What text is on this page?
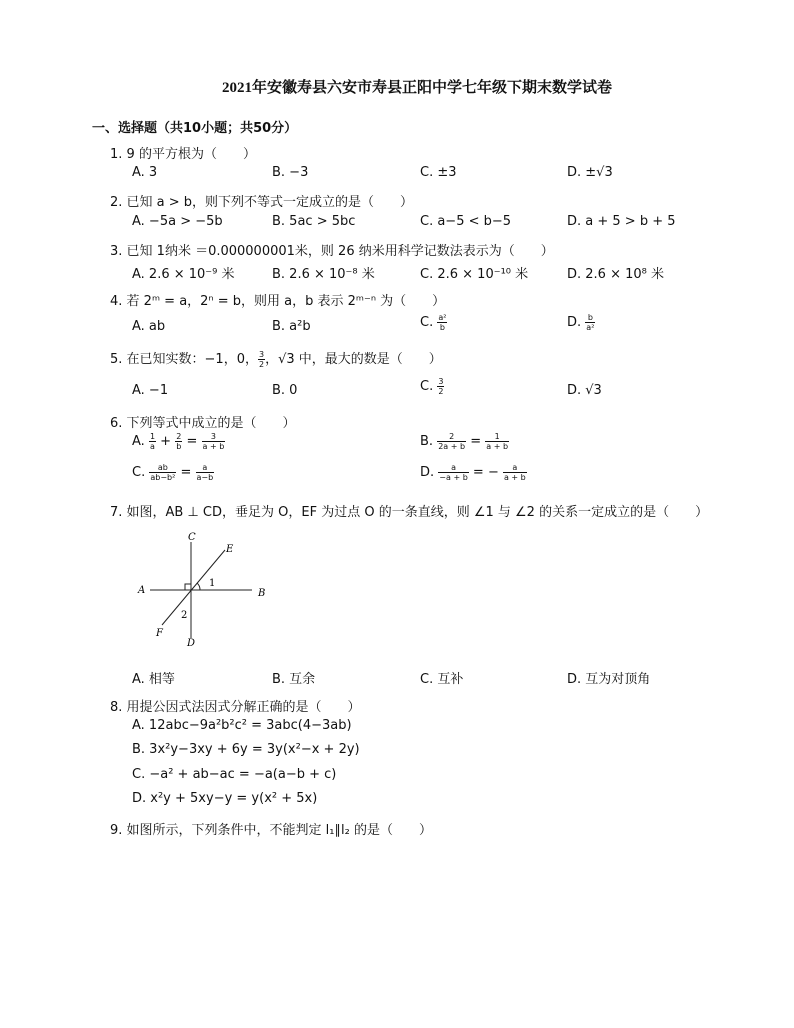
2021年安徽寿县六安市寿县正阳中学七年级下期末数学试卷
一、选择题（共10小题；共50分）
1. 9 的平方根为（　　）
A. 3	B. −3	C. ±3	D. ±√3
2. 已知 a > b，则下列不等式一定成立的是（　　）
A. −5a > −5b	B. 5ac > 5bc	C. a−5 < b−5	D. a + 5 > b + 5
3. 已知 1纳米 ＝0.000000001米，则 26 纳米用科学记数法表示为（　　）
A. 2.6 × 10⁻⁹ 米	B. 2.6 × 10⁻⁸ 米	C. 2.6 × 10⁻¹⁰ 米	D. 2.6 × 10⁸ 米
4. 若 2ᵐ = a，2ⁿ = b，则用 a，b 表示 2ᵐ⁻ⁿ 为（　　）
A. ab	B. a²b	C. $\frac{\text{a²}}{b}$	D. $\frac{b}{\text{a²}}$
5. 在已知实数：−1，0， $\frac{3}{2}$ ，√3 中，最大的数是（　　）
A. −1	B. 0	C. $\frac{3}{2}$	D. √3
6. 下列等式中成立的是（　　）
A. $\frac{1}{a} + \frac{2}{b} = \frac{3}{a + b}$	B. $\frac{2}{2a + b} = \frac{1}{a + b}$
C. $\frac{ab}{\text{ab−b²}} = \frac{a}{a-b}$	D. $\frac{a}{-a + b}$ = − $\frac{a}{a + b}$
7. 如图，AB ⊥ CD，垂足为 O，EF 为过点 O 的一条直线，则 ∠1 与 ∠2 的关系一定成立的是（　　）
A	B
C
D
E
F
1
2
A. 相等	B. 互余	C. 互补	D. 互为对顶角
8. 用提公因式法因式分解正确的是（　　）
A. 12abc−9a²b²c² = 3abc(4−3ab)
B. 3x²y−3xy + 6y = 3y(x²−x + 2y)
C. −a² + ab−ac = −a(a−b + c)
D. x²y + 5xy−y = y(x² + 5x)
9. 如图所示，下列条件中，不能判定 l₁∥l₂ 的是（　　）
